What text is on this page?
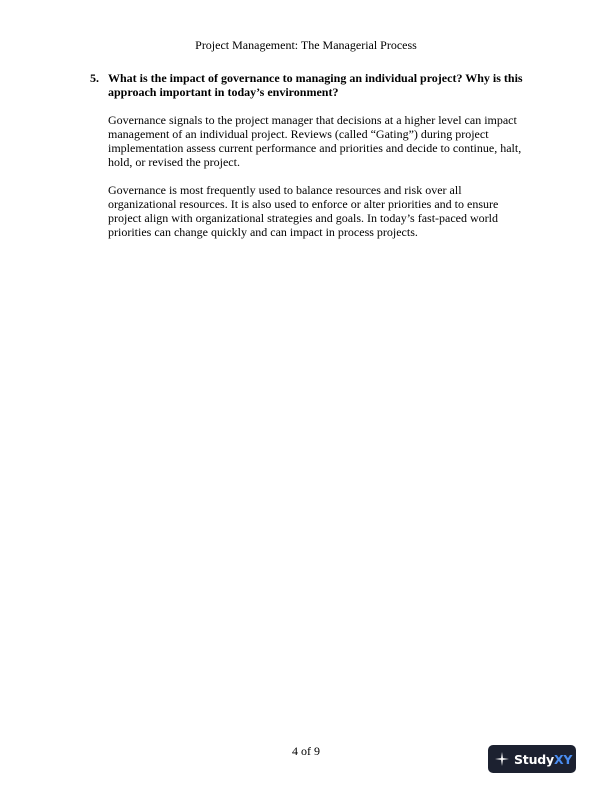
Project Management: The Managerial Process
5. What is the impact of governance to managing an individual project? Why is this approach important in today’s environment?

Governance signals to the project manager that decisions at a higher level can impact management of an individual project. Reviews (called “Gating”) during project implementation assess current performance and priorities and decide to continue, halt, hold, or revised the project.

Governance is most frequently used to balance resources and risk over all organizational resources. It is also used to enforce or alter priorities and to ensure project align with organizational strategies and goals. In today’s fast-paced world priorities can change quickly and can impact in process projects.

4 of 9
StudyXY
